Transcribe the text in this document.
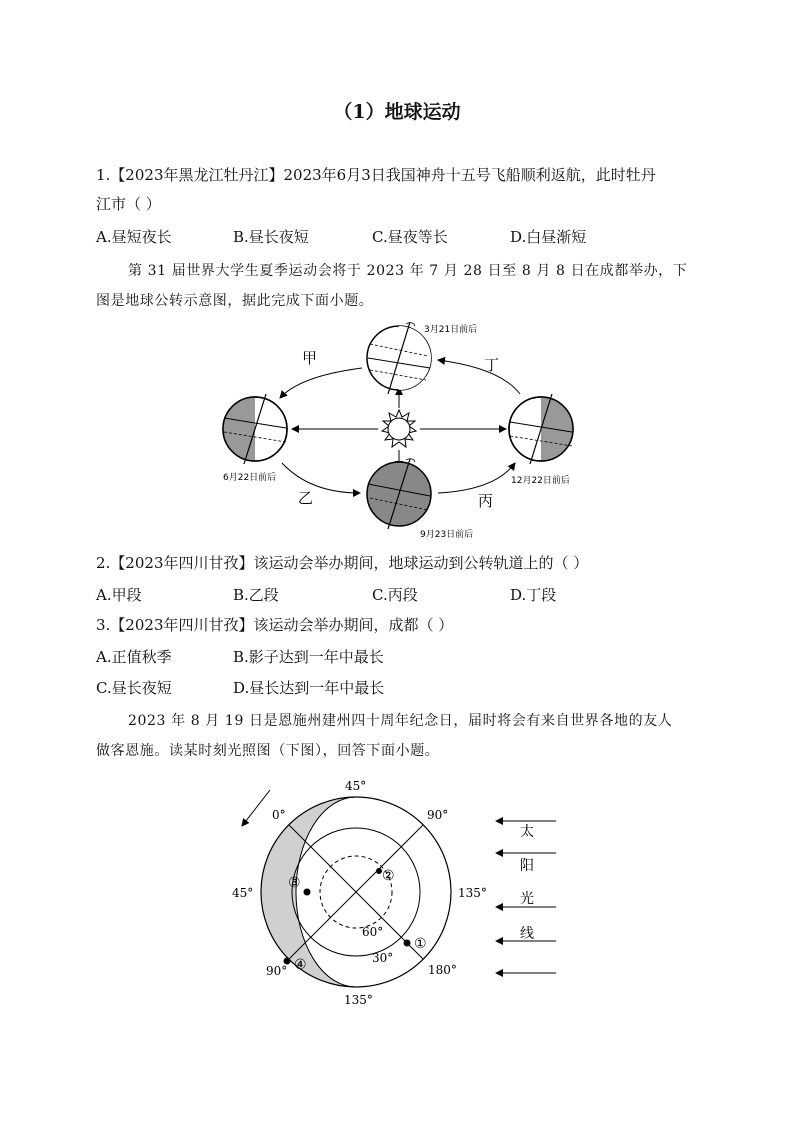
（1）地球运动
1.【2023年黑龙江牡丹江】2023年6月3日我国神舟十五号飞船顺利返航，此时牡丹
江市（ ）
A.昼短夜长	B.昼长夜短	C.昼夜等长	D.白昼渐短
第 31 届世界大学生夏季运动会将于 2023 年 7 月 28 日至 8 月 8 日在成都举办，下
图是地球公转示意图，据此完成下面小题。
3月21日前后
6月22日前后
9月23日前后
12月22日前后
甲
乙	丙
丁
2.【2023年四川甘孜】该运动会举办期间，地球运动到公转轨道上的（ ）
A.甲段	B.乙段	C.丙段	D.丁段
3.【2023年四川甘孜】该运动会举办期间，成都（ ）
A.正值秋季	B.影子达到一年中最长
C.昼长夜短	D.昼长达到一年中最长
2023 年 8 月 19 日是恩施州建州四十周年纪念日，届时将会有来自世界各地的友人
做客恩施。读某时刻光照图（下图），回答下面小题。
③	②
①
④
45°
0°	90°
45°	135°
90°	180°
135°
60°
30°
太
阳
光
线
